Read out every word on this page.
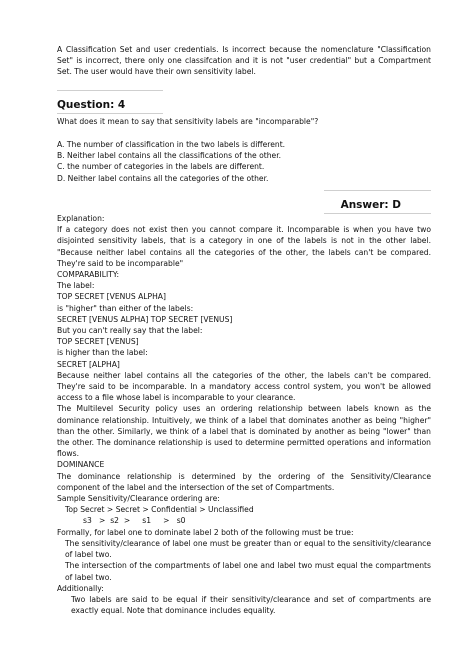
A Classification Set and user credentials. Is incorrect because the nomenclature "Classification Set" is incorrect, there only one classifcation and it is not "user credential" but a Compartment Set. The user would have their own sensitivity label.

Question: 4

What does it mean to say that sensitivity labels are "incomparable"?

A. The number of classification in the two labels is different.

B. Neither label contains all the classifications of the other.

C. the number of categories in the labels are different.

D. Neither label contains all the categories of the other.

Answer: D

Explanation:

If a category does not exist then you cannot compare it. Incomparable is when you have two disjointed sensitivity labels, that is a category in one of the labels is not in the other label. "Because neither label contains all the categories of the other, the labels can't be compared. They're said to be incomparable"

COMPARABILITY:

The label:

TOP SECRET [VENUS ALPHA]

is "higher" than either of the labels:

SECRET [VENUS ALPHA] TOP SECRET [VENUS]

But you can't really say that the label:

TOP SECRET [VENUS]

is higher than the label:

SECRET [ALPHA]

Because neither label contains all the categories of the other, the labels can't be compared. They're said to be incomparable. In a mandatory access control system, you won't be allowed access to a file whose label is incomparable to your clearance.

The Multilevel Security policy uses an ordering relationship between labels known as the dominance relationship. Intuitively, we think of a label that dominates another as being "higher" than the other. Similarly, we think of a label that is dominated by another as being "lower" than the other. The dominance relationship is used to determine permitted operations and information flows.

DOMINANCE

The dominance relationship is determined by the ordering of the Sensitivity/Clearance component of the label and the intersection of the set of Compartments.

Sample Sensitivity/Clearance ordering are:

Top Secret > Secret > Confidential > Unclassified

s3   >  s2  >     s1     >   s0

Formally, for label one to dominate label 2 both of the following must be true:

The sensitivity/clearance of label one must be greater than or equal to the sensitivity/clearance of label two.

The intersection of the compartments of label one and label two must equal the compartments of label two.

Additionally:

Two labels are said to be equal if their sensitivity/clearance and set of compartments are exactly equal. Note that dominance includes equality.
